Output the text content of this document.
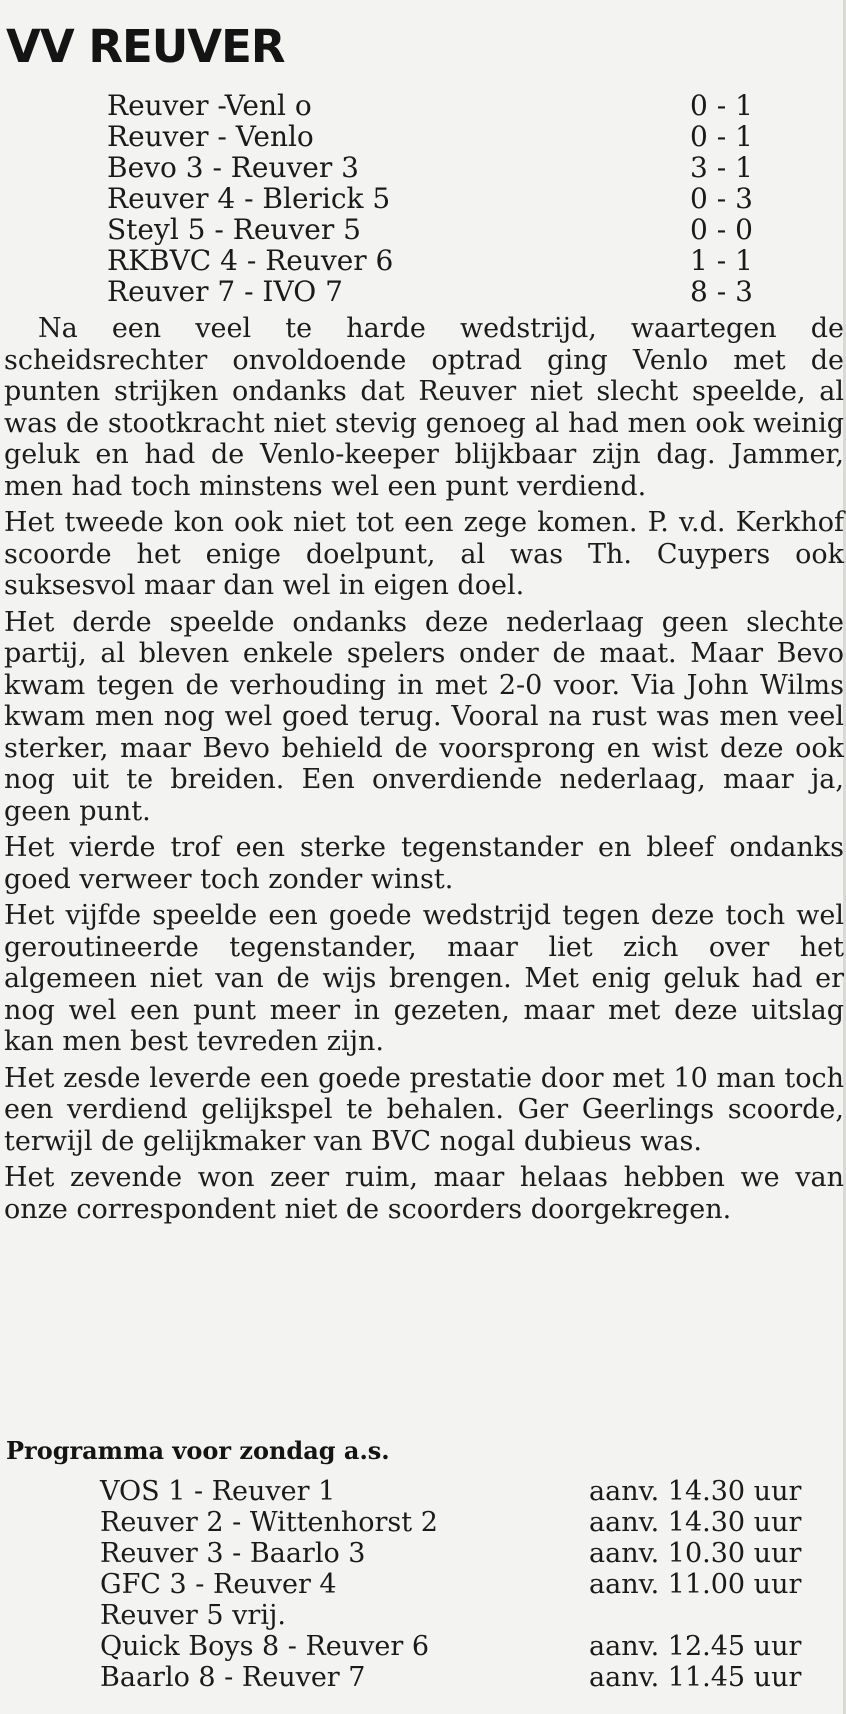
VV REUVER
Reuver -Venl o	0 - 1
Reuver - Venlo	0 - 1
Bevo 3 - Reuver 3	3 - 1
Reuver 4 - Blerick 5	0 - 3
Steyl 5 - Reuver 5	0 - 0
RKBVC 4 - Reuver 6	1 - 1
Reuver 7 - IVO 7	8 - 3

Na een veel te harde wedstrijd, waartegen de scheidsrechter onvoldoende optrad ging Venlo met de punten strijken ondanks dat Reuver niet slecht speelde, al was de stootkracht niet stevig genoeg al had men ook weinig geluk en had de Venlo-keeper blijkbaar zijn dag. Jammer, men had toch minstens wel een punt verdiend.

Het tweede kon ook niet tot een zege komen. P. v.d. Kerkhof scoorde het enige doelpunt, al was Th. Cuypers ook suksesvol maar dan wel in eigen doel.

Het derde speelde ondanks deze nederlaag geen slechte partij, al bleven enkele spelers onder de maat. Maar Bevo kwam tegen de verhouding in met 2-0 voor. Via John Wilms kwam men nog wel goed terug. Vooral na rust was men veel sterker, maar Bevo behield de voorsprong en wist deze ook nog uit te breiden. Een onverdiende nederlaag, maar ja, geen punt.

Het vierde trof een sterke tegenstander en bleef ondanks goed verweer toch zonder winst.

Het vijfde speelde een goede wedstrijd tegen deze toch wel geroutineerde tegenstander, maar liet zich over het algemeen niet van de wijs brengen. Met enig geluk had er nog wel een punt meer in gezeten, maar met deze uitslag kan men best tevreden zijn.

Het zesde leverde een goede prestatie door met 10 man toch een verdiend gelijkspel te behalen. Ger Geerlings scoorde, terwijl de gelijkmaker van BVC nogal dubieus was.

Het zevende won zeer ruim, maar helaas hebben we van onze correspondent niet de scoorders doorgekregen.

Programma voor zondag a.s.
VOS 1 - Reuver 1	aanv. 14.30 uur
Reuver 2 - Wittenhorst 2	aanv. 14.30 uur
Reuver 3 - Baarlo 3	aanv. 10.30 uur
GFC 3 - Reuver 4	aanv. 11.00 uur
Reuver 5 vrij.
Quick Boys 8 - Reuver 6	aanv. 12.45 uur
Baarlo 8 - Reuver 7	aanv. 11.45 uur
